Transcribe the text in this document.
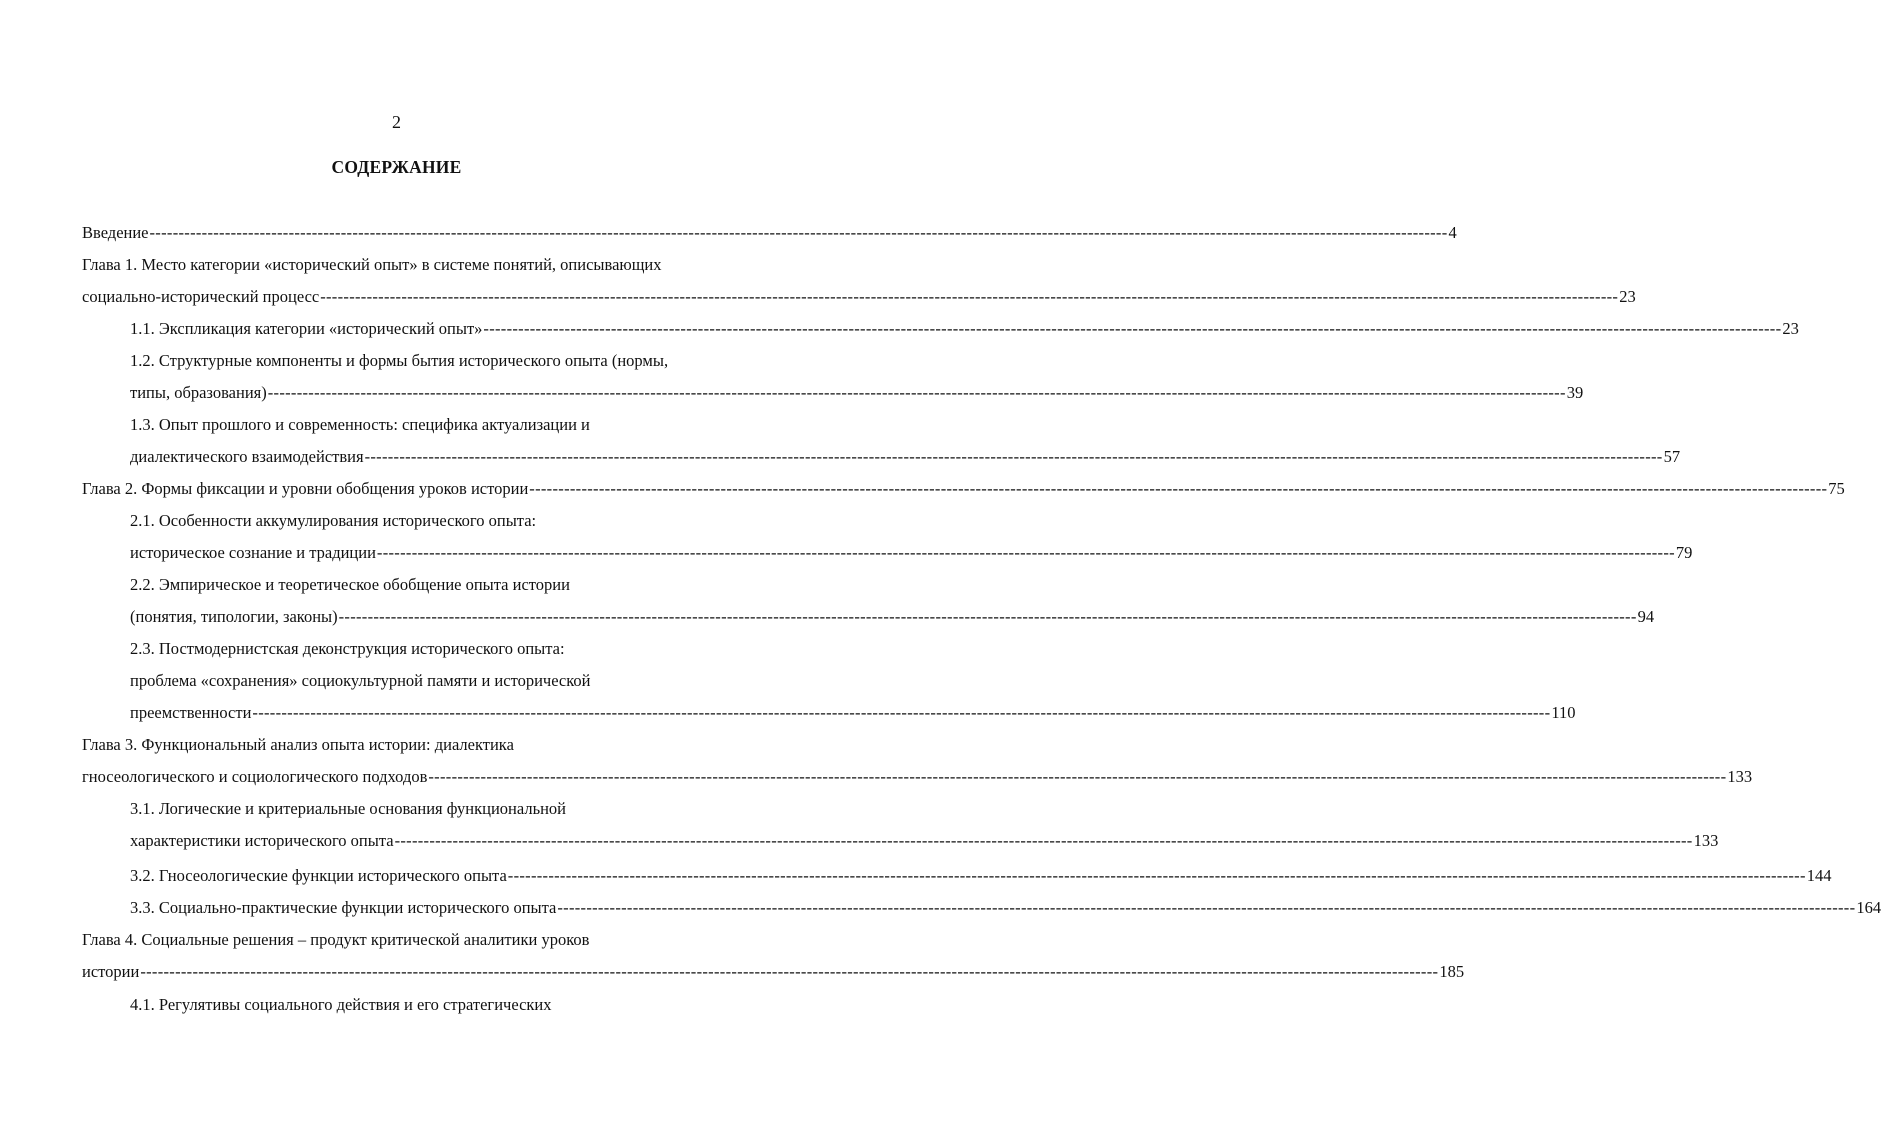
2
СОДЕРЖАНИЕ
Введение -------------------------------------------------------------------------------------------------------------------------------------------------------------------------------------------------------------------------------- 4
Глава 1. Место категории «исторический опыт» в системе понятий, описывающих
социально-исторический процесс -------------------------------------------------------------------------------------------------------------------------------------------------------------------------------------------------------------------------------- 23
1.1. Экспликация категории «исторический опыт» -------------------------------------------------------------------------------------------------------------------------------------------------------------------------------------------------------------------------------- 23
1.2. Структурные компоненты и формы бытия исторического опыта (нормы,
типы, образования) -------------------------------------------------------------------------------------------------------------------------------------------------------------------------------------------------------------------------------- 39
1.3. Опыт прошлого и современность: специфика актуализации и
диалектического взаимодействия -------------------------------------------------------------------------------------------------------------------------------------------------------------------------------------------------------------------------------- 57
Глава 2. Формы фиксации и уровни обобщения уроков истории -------------------------------------------------------------------------------------------------------------------------------------------------------------------------------------------------------------------------------- 75
2.1. Особенности аккумулирования исторического опыта:
историческое сознание и традиции -------------------------------------------------------------------------------------------------------------------------------------------------------------------------------------------------------------------------------- 79
2.2. Эмпирическое и теоретическое обобщение опыта истории
(понятия, типологии, законы) -------------------------------------------------------------------------------------------------------------------------------------------------------------------------------------------------------------------------------- 94
2.3. Постмодернистская деконструкция исторического опыта:
проблема «сохранения» социокультурной памяти и исторической
преемственности -------------------------------------------------------------------------------------------------------------------------------------------------------------------------------------------------------------------------------- 110
Глава 3. Функциональный анализ опыта истории: диалектика
гносеологического и социологического подходов -------------------------------------------------------------------------------------------------------------------------------------------------------------------------------------------------------------------------------- 133
3.1. Логические и критериальные основания функциональной
характеристики исторического опыта -------------------------------------------------------------------------------------------------------------------------------------------------------------------------------------------------------------------------------- 133
3.2. Гносеологические функции исторического опыта -------------------------------------------------------------------------------------------------------------------------------------------------------------------------------------------------------------------------------- 144
3.3. Социально-практические функции исторического опыта -------------------------------------------------------------------------------------------------------------------------------------------------------------------------------------------------------------------------------- 164
Глава 4. Социальные решения – продукт критической аналитики уроков
истории -------------------------------------------------------------------------------------------------------------------------------------------------------------------------------------------------------------------------------- 185
4.1. Регулятивы социального действия и его стратегических
